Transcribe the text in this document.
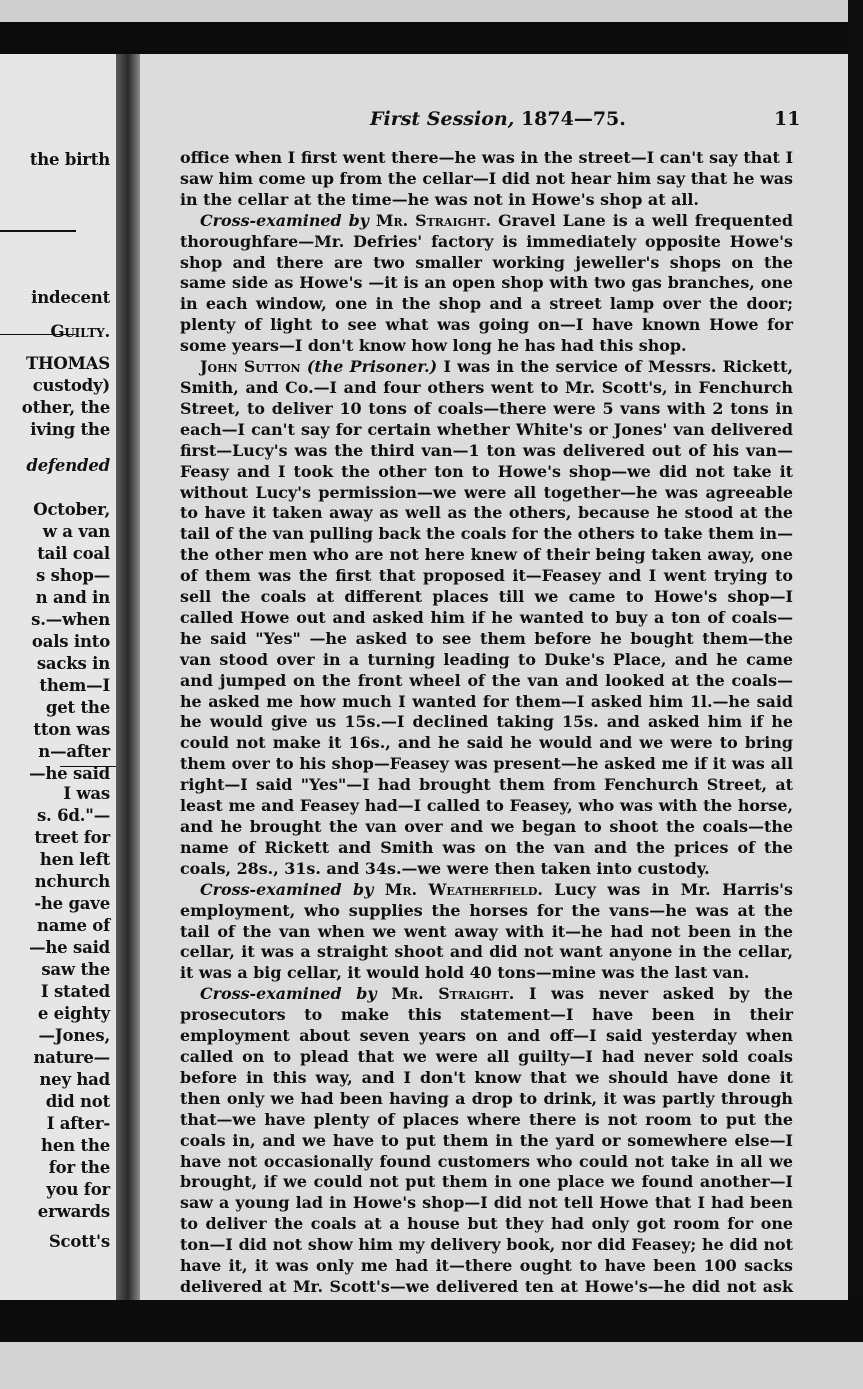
the birth
indecent
Guilty.
THOMAS
custody)
other, the
iving the
defended
October,
w a van
tail coal
s shop—
n and in
s.—when
oals into
sacks in
them—I
get the
tton was
n—after
—he said
I was
s. 6d."—
treet for
hen left
nchurch
-he gave
name of
—he said
saw the
I stated
e eighty
—Jones,
nature—
ney had
did not
I after-
hen the
for the
you for
erwards
Scott's
First Session, 1874—75.	11

office when I first went there—he was in the street—I can't say that I saw him come up from the cellar—I did not hear him say that he was in the cellar at the time—he was not in Howe's shop at all.

Cross-examined by Mr. Straight. Gravel Lane is a well frequented thoroughfare—Mr. Defries' factory is immediately opposite Howe's shop and there are two smaller working jeweller's shops on the same side as Howe's —it is an open shop with two gas branches, one in each window, one in the shop and a street lamp over the door; plenty of light to see what was going on—I have known Howe for some years—I don't know how long he has had this shop.

John Sutton (the Prisoner.) I was in the service of Messrs. Rickett, Smith, and Co.—I and four others went to Mr. Scott's, in Fenchurch Street, to deliver 10 tons of coals—there were 5 vans with 2 tons in each—I can't say for certain whether White's or Jones' van delivered first—Lucy's was the third van—1 ton was delivered out of his van—Feasy and I took the other ton to Howe's shop—we did not take it without Lucy's permission—we were all together—he was agreeable to have it taken away as well as the others, because he stood at the tail of the van pulling back the coals for the others to take them in—the other men who are not here knew of their being taken away, one of them was the first that proposed it—Feasey and I went trying to sell the coals at different places till we came to Howe's shop—I called Howe out and asked him if he wanted to buy a ton of coals—he said "Yes" —he asked to see them before he bought them—the van stood over in a turning leading to Duke's Place, and he came and jumped on the front wheel of the van and looked at the coals—he asked me how much I wanted for them—I asked him 1l.—he said he would give us 15s.—I declined taking 15s. and asked him if he could not make it 16s., and he said he would and we were to bring them over to his shop—Feasey was present—he asked me if it was all right—I said "Yes"—I had brought them from Fenchurch Street, at least me and Feasey had—I called to Feasey, who was with the horse, and he brought the van over and we began to shoot the coals—the name of Rickett and Smith was on the van and the prices of the coals, 28s., 31s. and 34s.—we were then taken into custody.

Cross-examined by Mr. Weatherfield. Lucy was in Mr. Harris's employment, who supplies the horses for the vans—he was at the tail of the van when we went away with it—he had not been in the cellar, it was a straight shoot and did not want anyone in the cellar, it was a big cellar, it would hold 40 tons—mine was the last van.

Cross-examined by Mr. Straight. I was never asked by the prosecutors to make this statement—I have been in their employment about seven years on and off—I said yesterday when called on to plead that we were all guilty—I had never sold coals before in this way, and I don't know that we should have done it then only we had been having a drop to drink, it was partly through that—we have plenty of places where there is not room to put the coals in, and we have to put them in the yard or somewhere else—I have not occasionally found customers who could not take in all we brought, if we could not put them in one place we found another—I saw a young lad in Howe's shop—I did not tell Howe that I had been to deliver the coals at a house but they had only got room for one ton—I did not show him my delivery book, nor did Feasey; he did not have it, it was only me had it—there ought to have been 100 sacks delivered at Mr. Scott's—we delivered ten at Howe's—he did not ask
